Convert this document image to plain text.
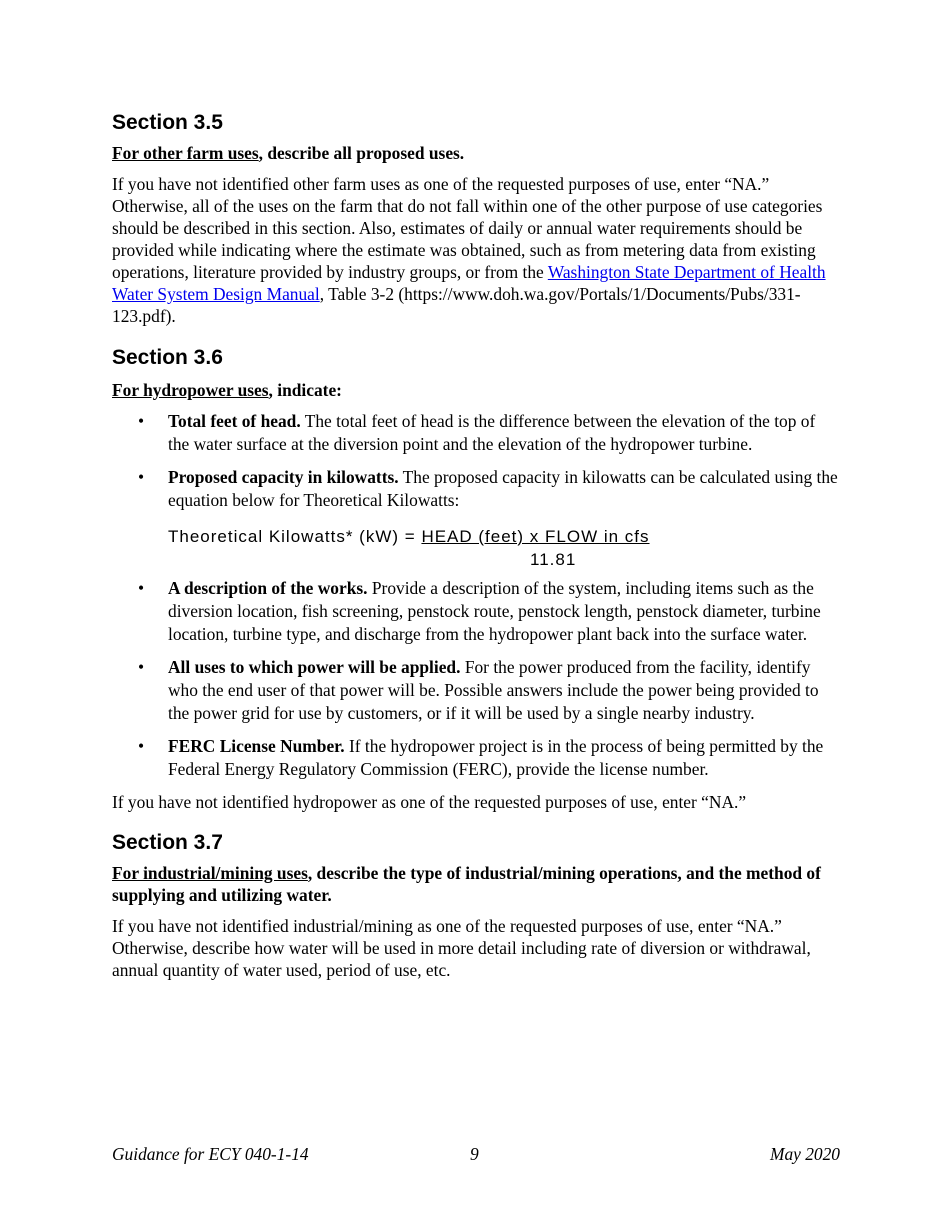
Section 3.5

For other farm uses, describe all proposed uses.

If you have not identified other farm uses as one of the requested purposes of use, enter “NA.” Otherwise, all of the uses on the farm that do not fall within one of the other purpose of use categories should be described in this section. Also, estimates of daily or annual water requirements should be provided while indicating where the estimate was obtained, such as from metering data from existing operations, literature provided by industry groups, or from the Washington State Department of Health Water System Design Manual, Table 3-2 (https://www.doh.wa.gov/Portals/1/Documents/Pubs/331-123.pdf).

Section 3.6

For hydropower uses, indicate:

• Total feet of head. The total feet of head is the difference between the elevation of the top of the water surface at the diversion point and the elevation of the hydropower turbine.
• Proposed capacity in kilowatts. The proposed capacity in kilowatts can be calculated using the equation below for Theoretical Kilowatts:
Theoretical Kilowatts* (kW) = HEAD (feet) x FLOW in cfs
11.81
• A description of the works. Provide a description of the system, including items such as the diversion location, fish screening, penstock route, penstock length, penstock diameter, turbine location, turbine type, and discharge from the hydropower plant back into the surface water.
• All uses to which power will be applied. For the power produced from the facility, identify who the end user of that power will be. Possible answers include the power being provided to the power grid for use by customers, or if it will be used by a single nearby industry.
• FERC License Number. If the hydropower project is in the process of being permitted by the Federal Energy Regulatory Commission (FERC), provide the license number.

If you have not identified hydropower as one of the requested purposes of use, enter “NA.”

Section 3.7

For industrial/mining uses, describe the type of industrial/mining operations, and the method of supplying and utilizing water.

If you have not identified industrial/mining as one of the requested purposes of use, enter “NA.” Otherwise, describe how water will be used in more detail including rate of diversion or withdrawal, annual quantity of water used, period of use, etc.

Guidance for ECY 040-1-14	9	May 2020
